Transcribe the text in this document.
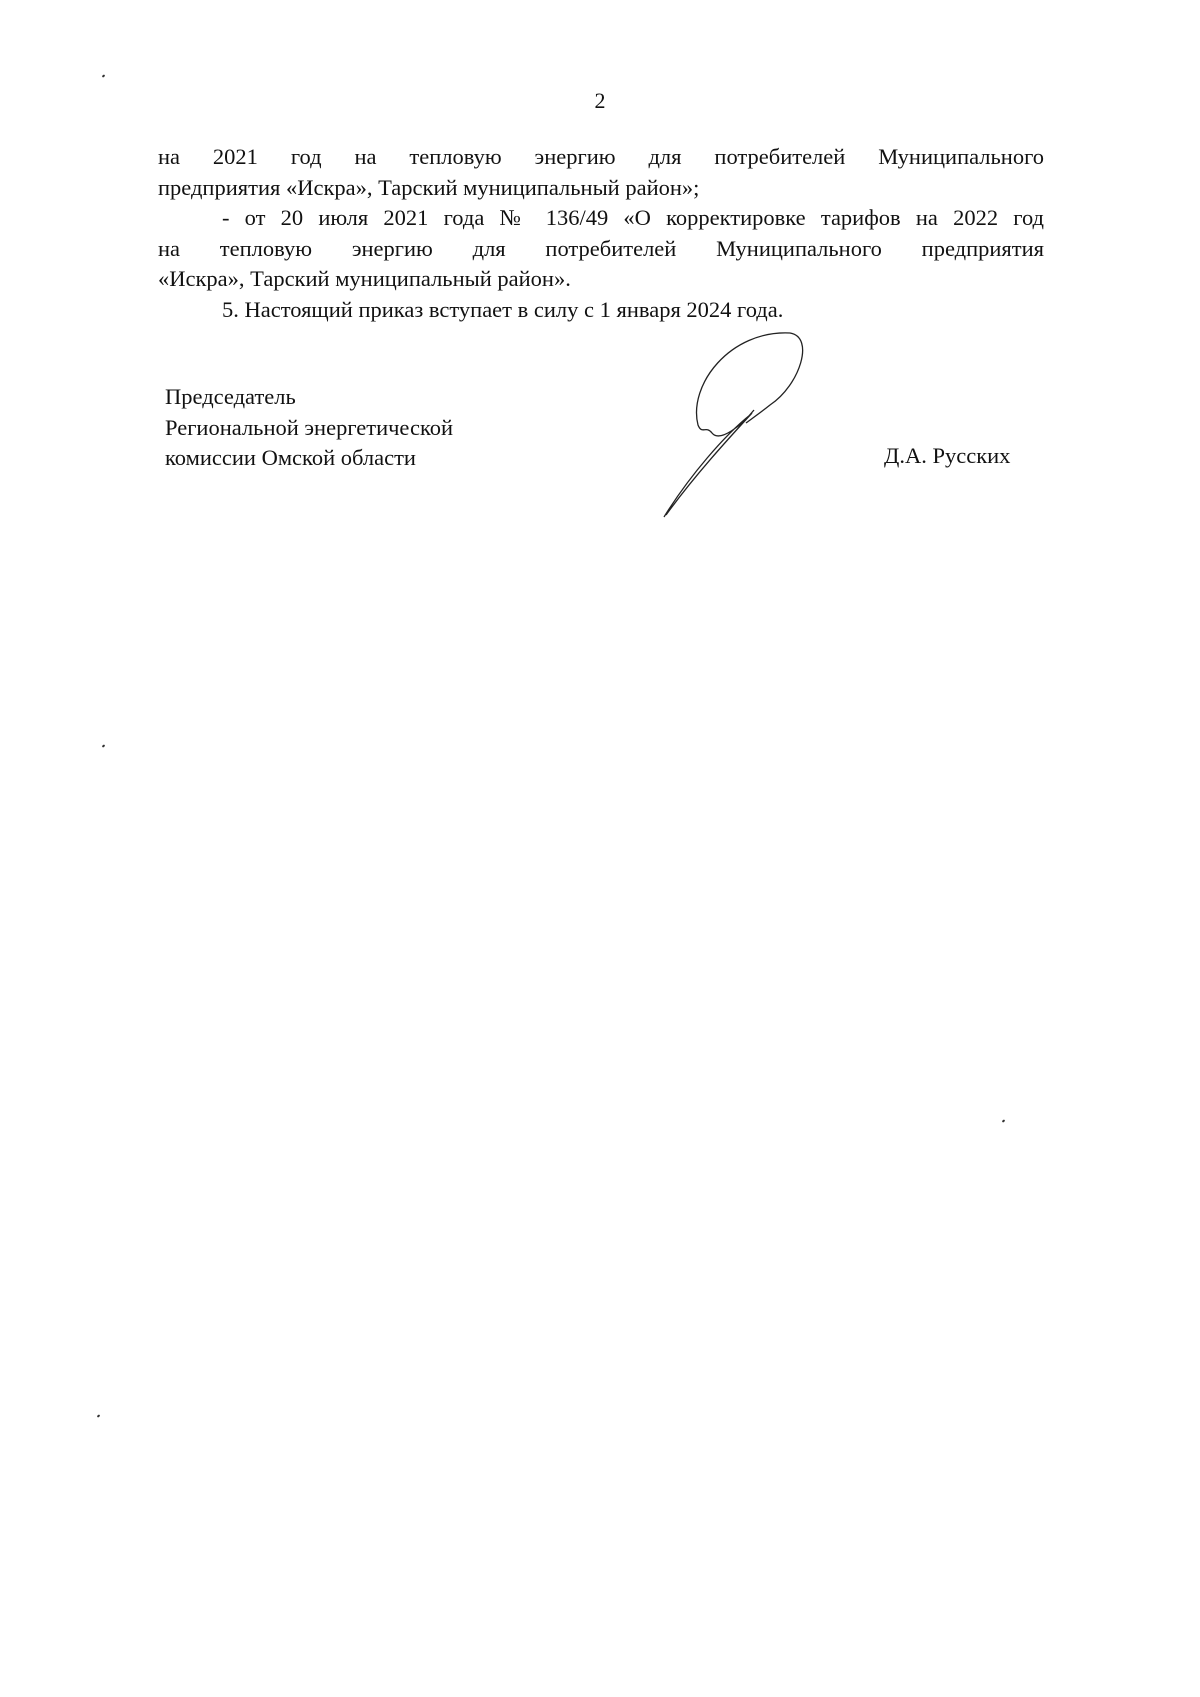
2
на 2021 год на тепловую энергию для потребителей Муниципального
предприятия «Искра», Тарский муниципальный район»;
- от 20 июля 2021 года № 136/49 «О корректировке тарифов на 2022 год
на тепловую энергию для потребителей Муниципального предприятия
«Искра», Тарский муниципальный район».
5. Настоящий приказ вступает в силу с 1 января 2024 года.
Председатель
Региональной энергетической
комиссии Омской области	Д.А. Русских
